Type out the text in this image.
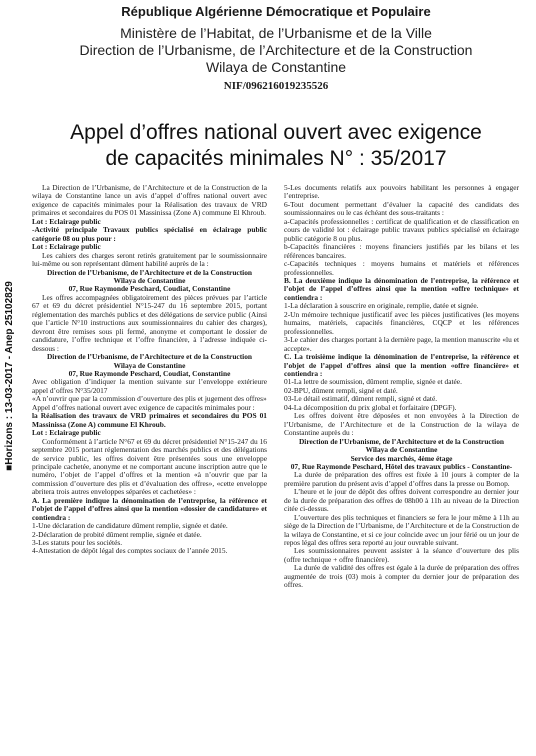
■Horizons : 13-03-2017 - Anep 25102829
République Algérienne Démocratique et Populaire
Ministère de l’Habitat, de l’Urbanisme et de la Ville
Direction de l’Urbanisme, de l’Architecture et de la Construction
Wilaya de Constantine
NIF/096216019235526
Appel d’offres national ouvert avec exigence
de capacités minimales N° : 35/2017

La Direction de l’Urbanisme, de l’Architecture et de la Construction de la wilaya de Constantine lance un avis d’appel d’offres national ouvert avec exigence de capacités minimales pour la Réalisation des travaux de VRD primaires et secondaires du POS 01 Massinissa (Zone A) commune El Khroub.

Lot : Eclairage public

-Activité principale Travaux publics spécialisé en éclairage public catégorie 08 ou plus pour :

Lot : Eclairage public

Les cahiers des charges seront retirés gratuitement par le soumissionnaire lui-même ou son représentant dûment habilité auprès de la :

Direction de l’Urbanisme, de l’Architecture et de la Construction

Wilaya de Constantine

07, Rue Raymonde Peschard, Coudiat, Constantine

Les offres accompagnées obligatoirement des pièces prévues par l’article 67 et 69 du décret présidentiel N°15-247 du 16 septembre 2015, portant réglementation des marchés publics et des délégations de service public (Ainsi que l’article N°10 instructions aux soumissionnaires du cahier des charges), devront être remises sous pli fermé, anonyme et comportant le dossier de candidature, l’offre technique et l’offre financière, à l’adresse indiquée ci-dessous :

Direction de l’Urbanisme, de l’Architecture et de la Construction

Wilaya de Constantine

07, Rue Raymonde Peschard, Coudiat, Constantine

Avec obligation d’indiquer la mention suivante sur l’enveloppe extérieure appel d’offres N°35/2017

«A n’ouvrir que par la commission d’ouverture des plis et jugement des offres»

Appel d’offres national ouvert avec exigence de capacités minimales pour :

la Réalisation des travaux de VRD primaires et secondaires du POS 01 Massinissa (Zone A) commune El Khroub.

Lot : Eclairage public

Conformément à l’article N°67 et 69 du décret présidentiel N°15-247 du 16 septembre 2015 portant réglementation des marchés publics et des délégations de service public, les offres doivent être présentées sous une enveloppe principale cachetée, anonyme et ne comportant aucune inscription autre que le numéro, l’objet de l’appel d’offres et la mention «à n’ouvrir que par la commission d’ouverture des plis et d’évaluation des offres», «cette enveloppe abritera trois autres enveloppes séparées et cachetées» :

A. La première indique la dénomination de l’entreprise, la référence et l’objet de l’appel d’offres ainsi que la mention «dossier de candidature» et contiendra :

1-Une déclaration de candidature dûment remplie, signée et datée.

2-Déclaration de probité dûment remplie, signée et datée.

3-Les statuts pour les sociétés.

4-Attestation de dépôt légal des comptes sociaux de l’année 2015.

5-Les documents relatifs aux pouvoirs habilitant les personnes à engager l’entreprise.

6-Tout document permettant d’évaluer la capacité des candidats des soumissionnaires ou le cas échéant des sous-traitants :

a-Capacités professionnelles : certificat de qualification et de classification en cours de validité lot : éclairage public travaux publics spécialisé en éclairage public catégorie 8 ou plus.

b-Capacités financières : moyens financiers justifiés par les bilans et les références bancaires.

c-Capacités techniques : moyens humains et matériels et références professionnelles.

B. La deuxième indique la dénomination de l’entreprise, la référence et l’objet de l’appel d’offres ainsi que la mention «offre technique» et contiendra :

1-La déclaration à souscrire en originale, remplie, datée et signée.

2-Un mémoire technique justificatif avec les pièces justificatives (les moyens humains, matériels, capacités financières, CQCP et les références professionnelles.

3-Le cahier des charges portant à la dernière page, la mention manuscrite «lu et accepte».

C. La troisième indique la dénomination de l’entreprise, la référence et l’objet de l’appel d’offres ainsi que la mention «offre financière» et contiendra :

01-La lettre de soumission, dûment remplie, signée et datée.

02-BPU, dûment rempli, signé et daté.

03-Le détail estimatif, dûment rempli, signé et daté.

04-La décomposition du prix global et forfaitaire (DPGF).

Les offres doivent être déposées et non envoyées à la Direction de l’Urbanisme, de l’Architecture et de la Construction de la wilaya de Constantine auprès du :

Direction de l’Urbanisme, de l’Architecture et de la Construction

Wilaya de Constantine

Service des marchés, 4ème étage

07, Rue Raymonde Peschard, Hôtel des travaux publics - Constantine-

La durée de préparation des offres est fixée à 10 jours à compter de la première parution du présent avis d’appel d’offres dans la presse ou Bomop.

L’heure et le jour de dépôt des offres doivent correspondre au dernier jour de la durée de préparation des offres de 08h00 à 11h au niveau de la Direction citée ci-dessus.

L’ouverture des plis techniques et financiers se fera le jour même à 11h au siège de la Direction de l’Urbanisme, de l’Architecture et de la Construction de la wilaya de Constantine, et si ce jour coïncide avec un jour férié ou un jour de repos légal des offres sera reporté au jour ouvrable suivant.

Les soumissionnaires peuvent assister à la séance d’ouverture des plis (offre technique + offre financière).

La durée de validité des offres est égale à la durée de préparation des offres augmentée de trois (03) mois à compter du dernier jour de préparation des offres.
